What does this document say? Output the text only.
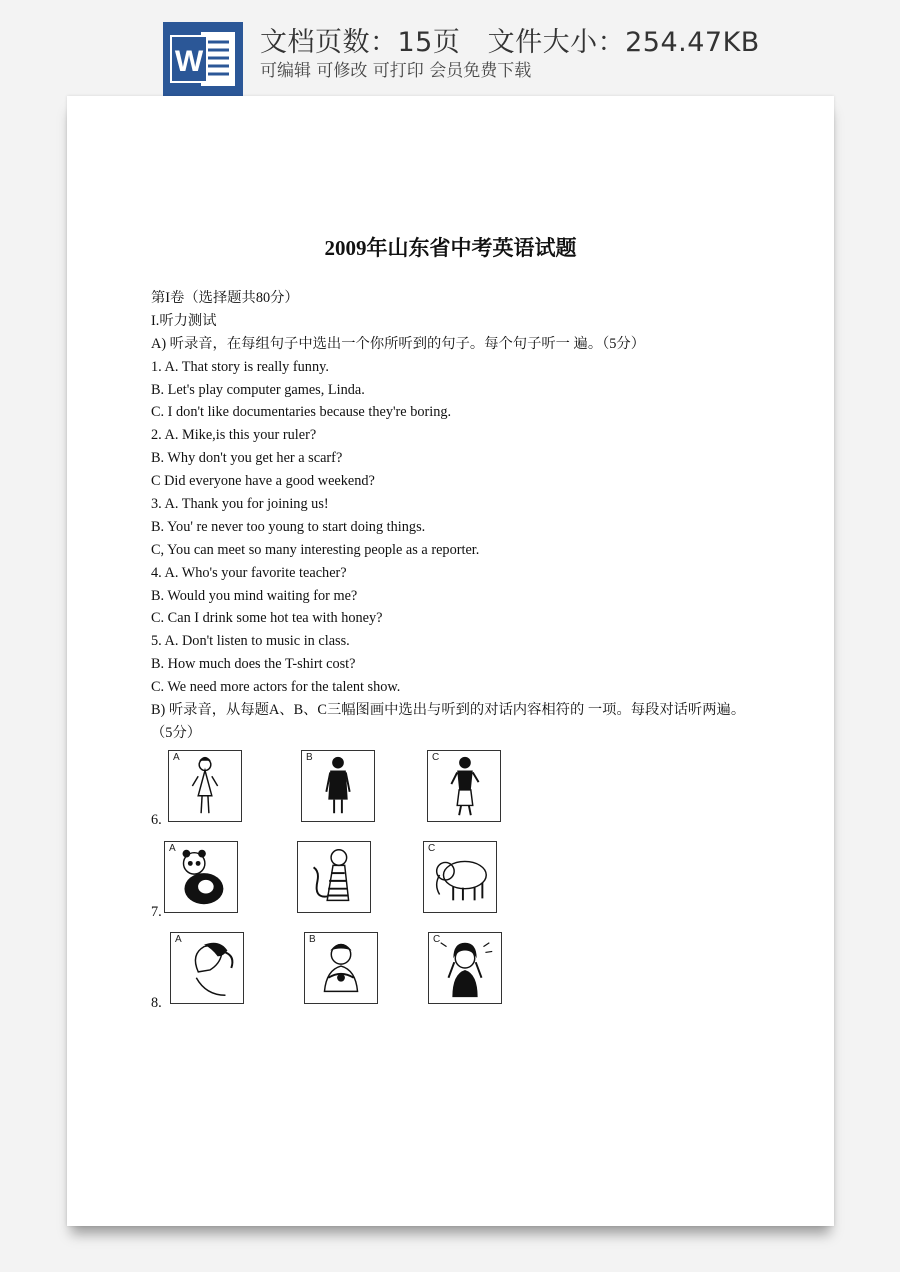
W
文档页数：15页 文件大小：254.47KB
可编辑 可修改 可打印 会员免费下载
2009年山东省中考英语试题
第I卷（选择题共80分）
I.听力测试
A) 听录音，在每组句子中选出一个你所听到的句子。每个句子听一 遍。（5分）
1. A. That story is really funny.
B. Let's play computer games, Linda.
C. I don't like documentaries because they're boring.
2. A. Mike,is this your ruler?
B. Why don't you get her a scarf?
C Did everyone have a good weekend?
3. A. Thank you for joining us!
B. You' re never too young to start doing things.
C, You can meet so many interesting people as a reporter.
4. A. Who's your favorite teacher?
B. Would you mind waiting for me?
C. Can I drink some hot tea with honey?
5. A. Don't listen to music in class.
B. How much does the T-shirt cost?
C. We need more actors for the talent show.
B) 听录音，从每题A、B、C三幅图画中选出与听到的对话内容相符的 一项。每段对话听两遍。（5分）
6.
A	B	C
7.
A	C
8.
A	B	C
